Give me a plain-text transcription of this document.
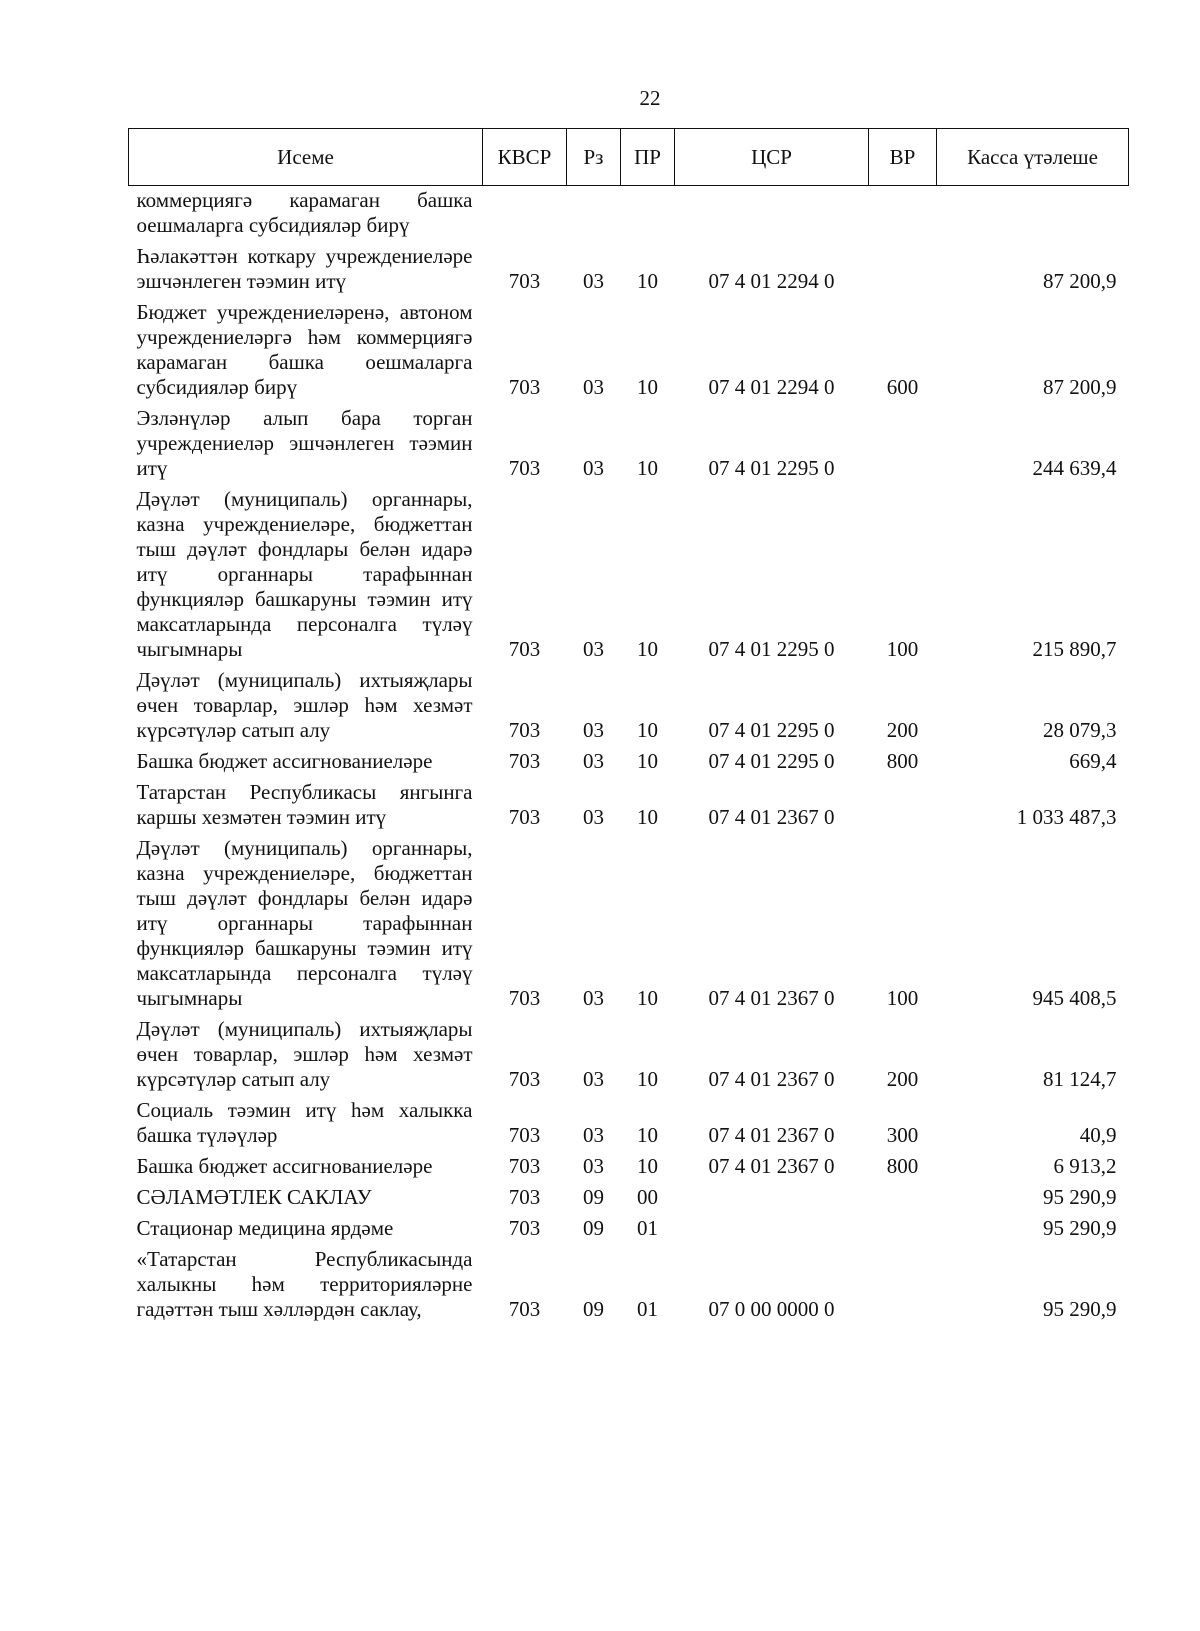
22
Исеме	КВСР	Рз	ПР	ЦСР	ВР	Касса үтәлеше
коммерциягә карамаган башка оешмаларга субсидияләр бирү						
Һәлакәттән коткару учреждениеләре эшчәнлеген тәэмин итү	703	03	10	07 4 01 2294 0		87 200,9
Бюджет учреждениеләренә, автоном учреждениеләргә һәм коммерциягә карамаган башка оешмаларга субсидияләр бирү	703	03	10	07 4 01 2294 0	600	87 200,9
Эзләнүләр алып бара торган учреждениеләр эшчәнлеген тәэмин итү	703	03	10	07 4 01 2295 0		244 639,4
Дәүләт (муниципаль) органнары, казна учреждениеләре, бюджеттан тыш дәүләт фондлары белән идарә итү органнары тарафыннан функцияләр башкаруны тәэмин итү максатларында персоналга түләү чыгымнары	703	03	10	07 4 01 2295 0	100	215 890,7
Дәүләт (муниципаль) ихтыяҗлары өчен товарлар, эшләр һәм хезмәт күрсәтүләр сатып алу	703	03	10	07 4 01 2295 0	200	28 079,3
Башка бюджет ассигнованиеләре	703	03	10	07 4 01 2295 0	800	669,4
Татарстан Республикасы янгынга каршы хезмәтен тәэмин итү	703	03	10	07 4 01 2367 0		1 033 487,3
Дәүләт (муниципаль) органнары, казна учреждениеләре, бюджеттан тыш дәүләт фондлары белән идарә итү органнары тарафыннан функцияләр башкаруны тәэмин итү максатларында персоналга түләү чыгымнары	703	03	10	07 4 01 2367 0	100	945 408,5
Дәүләт (муниципаль) ихтыяҗлары өчен товарлар, эшләр һәм хезмәт күрсәтүләр сатып алу	703	03	10	07 4 01 2367 0	200	81 124,7
Социаль тәэмин итү һәм халыкка башка түләүләр	703	03	10	07 4 01 2367 0	300	40,9
Башка бюджет ассигнованиеләре	703	03	10	07 4 01 2367 0	800	6 913,2
СӘЛАМӘТЛЕК САКЛАУ	703	09	00			95 290,9
Стационар медицина ярдәме	703	09	01			95 290,9
«Татарстан Республикасында халыкны һәм территорияләрне гадәттән тыш хәлләрдән саклау,	703	09	01	07 0 00 0000 0		95 290,9
